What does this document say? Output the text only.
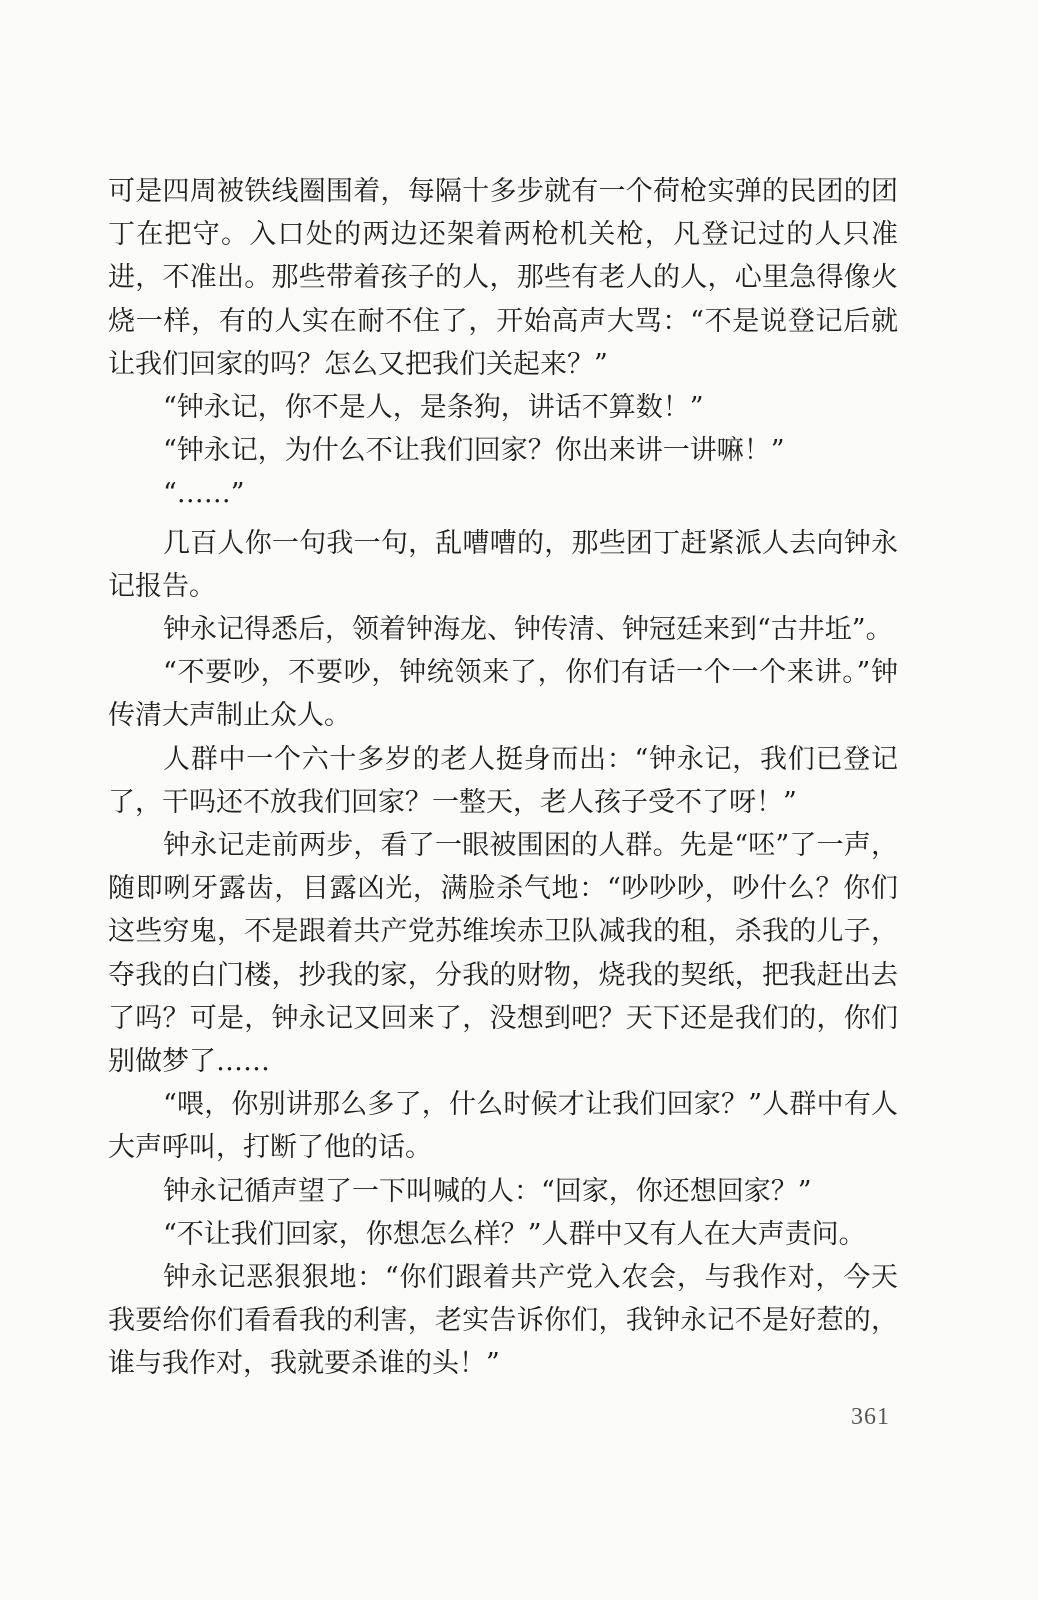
可是四周被铁线圈围着，每隔十多步就有一个荷枪实弹的民团的团丁在把守。入口处的两边还架着两枪机关枪，凡登记过的人只准进，不准出。那些带着孩子的人，那些有老人的人，心里急得像火烧一样，有的人实在耐不住了，开始高声大骂：“不是说登记后就让我们回家的吗？怎么又把我们关起来？”

“钟永记，你不是人，是条狗，讲话不算数！”

“钟永记，为什么不让我们回家？你出来讲一讲嘛！”

“……”

几百人你一句我一句，乱嘈嘈的，那些团丁赶紧派人去向钟永记报告。

钟永记得悉后，领着钟海龙、钟传清、钟冠廷来到“古井坵”。

“不要吵，不要吵，钟统领来了，你们有话一个一个来讲。”钟传清大声制止众人。

人群中一个六十多岁的老人挺身而出：“钟永记，我们已登记了，干吗还不放我们回家？一整天，老人孩子受不了呀！”

钟永记走前两步，看了一眼被围困的人群。先是“呸”了一声，随即咧牙露齿，目露凶光，满脸杀气地：“吵吵吵，吵什么？你们这些穷鬼，不是跟着共产党苏维埃赤卫队减我的租，杀我的儿子，夺我的白门楼，抄我的家，分我的财物，烧我的契纸，把我赶出去了吗？可是，钟永记又回来了，没想到吧？天下还是我们的，你们别做梦了……

“喂，你别讲那么多了，什么时候才让我们回家？”人群中有人大声呼叫，打断了他的话。

钟永记循声望了一下叫喊的人：“回家，你还想回家？”

“不让我们回家，你想怎么样？”人群中又有人在大声责问。

钟永记恶狠狠地：“你们跟着共产党入农会，与我作对，今天我要给你们看看我的利害，老实告诉你们，我钟永记不是好惹的，谁与我作对，我就要杀谁的头！”

361
